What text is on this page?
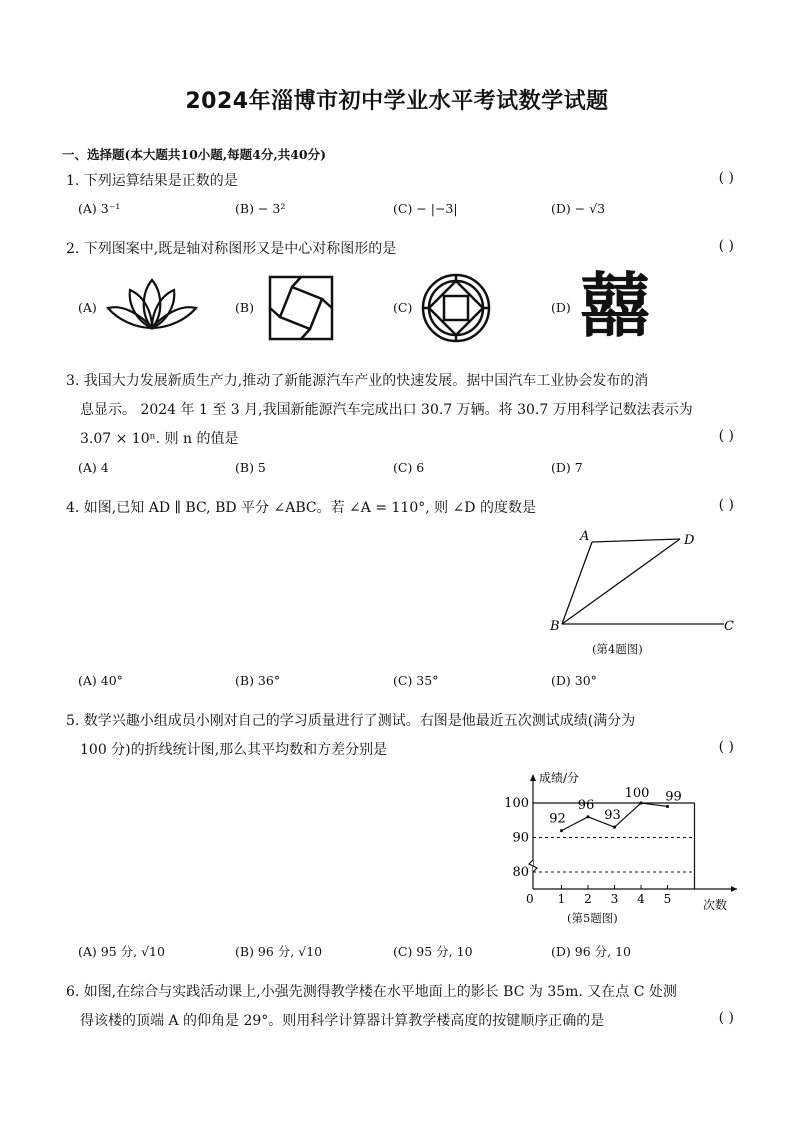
2024年淄博市初中学业水平考试数学试题
一、选择题(本大题共10小题,每题4分,共40分)
1. 下列运算结果是正数的是	( )
(A) 3⁻¹	(B) − 3²	(C) − |−3|	(D) − √3
2. 下列图案中,既是轴对称图形又是中心对称图形的是	( )
(A)	(B)	(C)	(D) 囍
3. 我国大力发展新质生产力,推动了新能源汽车产业的快速发展。据中国汽车工业协会发布的消
息显示。 2024 年 1 至 3 月,我国新能源汽车完成出口 30.7 万辆。将 30.7 万用科学记数法表示为
3.07 × 10ⁿ. 则 n 的值是	( )
(A) 4	(B) 5	(C) 6	(D) 7
4. 如图,已知 AD ∥ BC, BD 平分 ∠ABC。若 ∠A = 110°, 则 ∠D 的度数是	( )
A	D
B	C
(第4题图)
(A) 40°	(B) 36°	(C) 35°	(D) 30°
5. 数学兴趣小组成员小刚对自己的学习质量进行了测试。右图是他最近五次测试成绩(满分为
100 分)的折线统计图,那么其平均数和方差分别是	( )
80
90
100
1 2 3 4 5
92
96
93
100 99
成绩/分
次数
0
(第5题图)
(A) 95 分, √10	(B) 96 分, √10	(C) 95 分, 10	(D) 96 分, 10
6. 如图,在综合与实践活动课上,小强先测得教学楼在水平地面上的影长 BC 为 35m. 又在点 C 处测
得该楼的顶端 A 的仰角是 29°。则用科学计算器计算教学楼高度的按键顺序正确的是	( )
